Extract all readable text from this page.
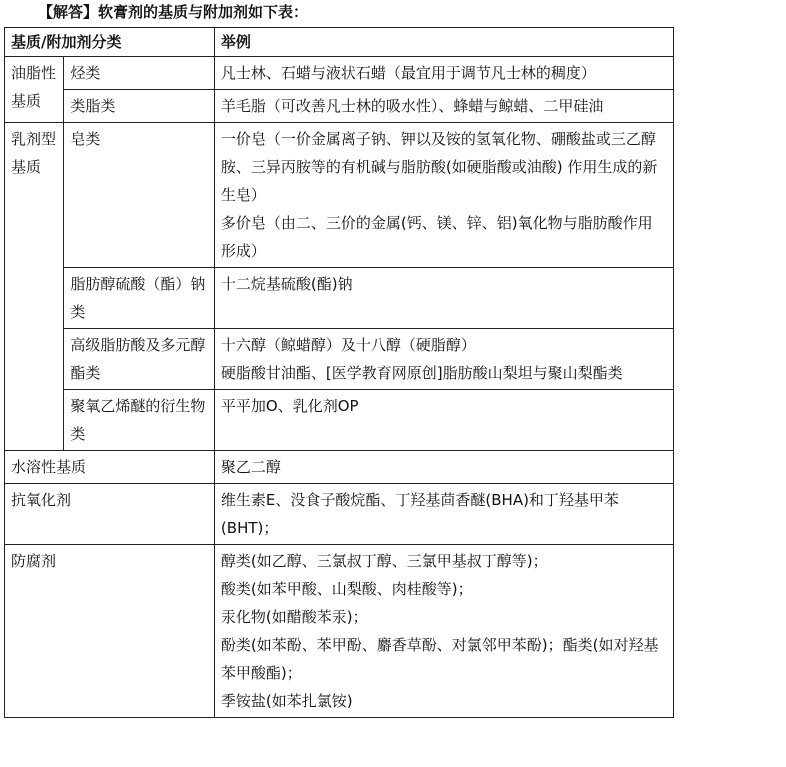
【解答】软膏剂的基质与附加剂如下表：
基质/附加剂分类		举例
油脂性基质	烃类	凡士林、石蜡与液状石蜡（最宜用于调节凡士林的稠度）

	类脂类	羊毛脂（可改善凡士林的吸水性）、蜂蜡与鲸蜡、二甲硅油

乳剂型基质	皂类	一价皂（一价金属离子钠、钾以及铵的氢氧化物、硼酸盐或三乙醇胺、三异丙胺等的有机碱与脂肪酸(如硬脂酸或油酸) 作用生成的新生皂）
多价皂（由二、三价的金属(钙、镁、锌、铝)氧化物与脂肪酸作用形成）

	脂肪醇硫酸（酯）钠类	十二烷基硫酸(酯)钠

	高级脂肪酸及多元醇酯类	十六醇（鲸蜡醇）及十八醇（硬脂醇）
硬脂酸甘油酯、[医学教育网原创]脂肪酸山梨坦与聚山梨酯类

	聚氧乙烯醚的衍生物类	平平加O、乳化剂OP

水溶性基质		聚乙二醇

抗氧化剂		维生素E、没食子酸烷酯、丁羟基茴香醚(BHA)和丁羟基甲苯(BHT)；

防腐剂		醇类(如乙醇、三氯叔丁醇、三氯甲基叔丁醇等)；
酸类(如苯甲酸、山梨酸、肉桂酸等)；
汞化物(如醋酸苯汞)；
酚类(如苯酚、苯甲酚、麝香草酚、对氯邻甲苯酚)；酯类(如对羟基苯甲酸酯)；
季铵盐(如苯扎氯铵)
